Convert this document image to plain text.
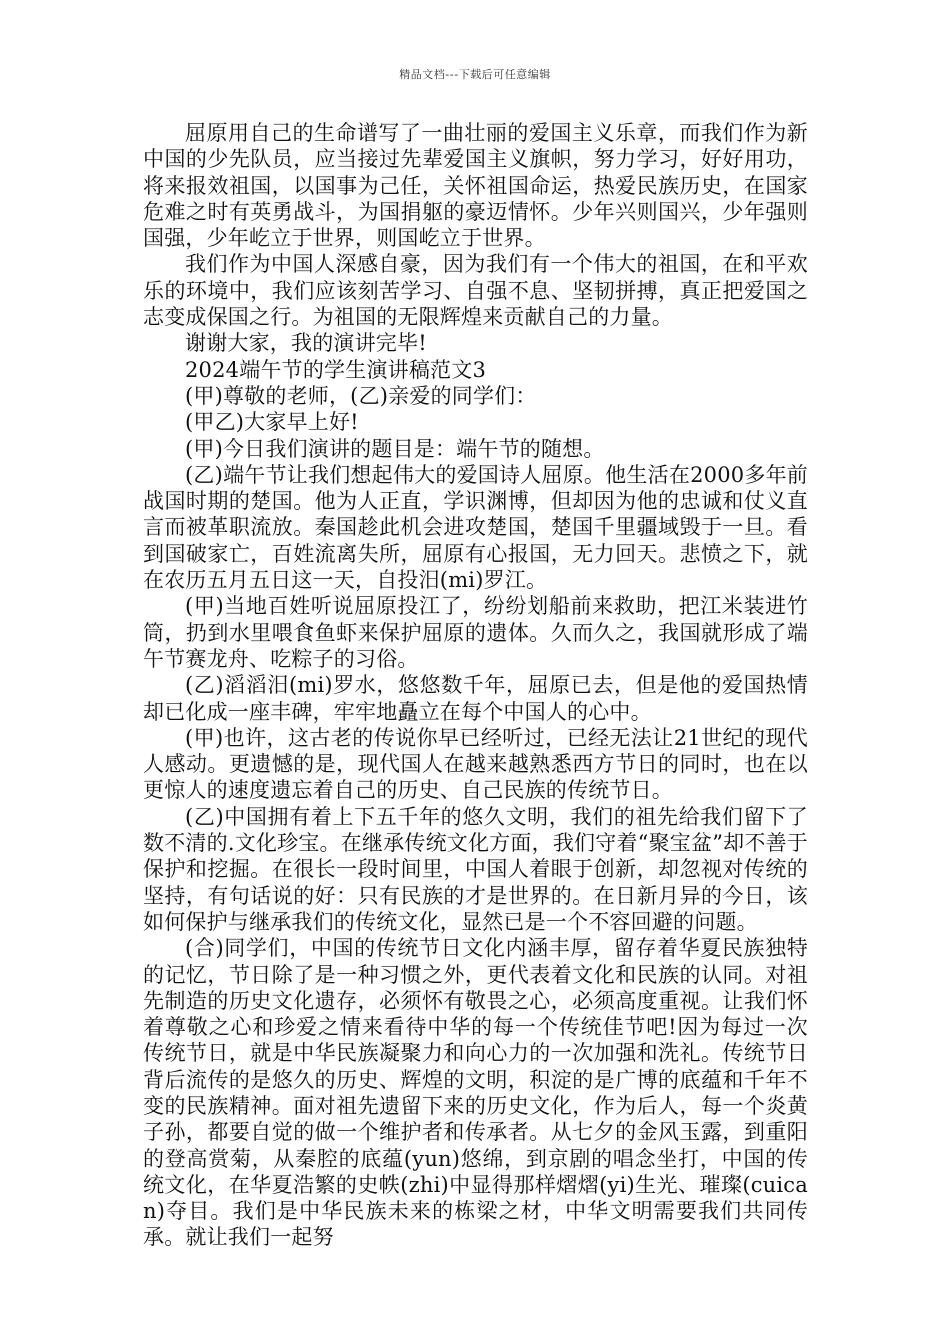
精品文档---下载后可任意编辑

屈原用自己的生命谱写了一曲壮丽的爱国主义乐章，而我们作为新中国的少先队员，应当接过先辈爱国主义旗帜，努力学习，好好用功，将来报效祖国，以国事为己任，关怀祖国命运，热爱民族历史，在国家危难之时有英勇战斗，为国捐躯的豪迈情怀。少年兴则国兴，少年强则国强，少年屹立于世界，则国屹立于世界。

我们作为中国人深感自豪，因为我们有一个伟大的祖国，在和平欢乐的环境中，我们应该刻苦学习、自强不息、坚韧拼搏，真正把爱国之志变成保国之行。为祖国的无限辉煌来贡献自己的力量。

谢谢大家，我的演讲完毕!

2024端午节的学生演讲稿范文3

(甲)尊敬的老师，(乙)亲爱的同学们：

(甲乙)大家早上好!

(甲)今日我们演讲的题目是：端午节的随想。

(乙)端午节让我们想起伟大的爱国诗人屈原。他生活在2000多年前战国时期的楚国。他为人正直，学识渊博，但却因为他的忠诚和仗义直言而被革职流放。秦国趁此机会进攻楚国，楚国千里疆域毁于一旦。看到国破家亡，百姓流离失所，屈原有心报国，无力回天。悲愤之下，就在农历五月五日这一天，自投汨(mi)罗江。

(甲)当地百姓听说屈原投江了，纷纷划船前来救助，把江米装进竹筒，扔到水里喂食鱼虾来保护屈原的遗体。久而久之，我国就形成了端午节赛龙舟、吃粽子的习俗。

(乙)滔滔汨(mi)罗水，悠悠数千年，屈原已去，但是他的爱国热情却已化成一座丰碑，牢牢地矗立在每个中国人的心中。

(甲)也许，这古老的传说你早已经听过，已经无法让21世纪的现代人感动。更遗憾的是，现代国人在越来越熟悉西方节日的同时，也在以更惊人的速度遗忘着自己的历史、自己民族的传统节日。

(乙)中国拥有着上下五千年的悠久文明，我们的祖先给我们留下了数不清的.文化珍宝。在继承传统文化方面，我们守着“聚宝盆”却不善于保护和挖掘。在很长一段时间里，中国人着眼于创新，却忽视对传统的坚持，有句话说的好：只有民族的才是世界的。在日新月异的今日，该如何保护与继承我们的传统文化，显然已是一个不容回避的问题。

(合)同学们，中国的传统节日文化内涵丰厚，留存着华夏民族独特的记忆，节日除了是一种习惯之外，更代表着文化和民族的认同。对祖先制造的历史文化遗存，必须怀有敬畏之心，必须高度重视。让我们怀着尊敬之心和珍爱之情来看待中华的每一个传统佳节吧!因为每过一次传统节日，就是中华民族凝聚力和向心力的一次加强和洗礼。传统节日背后流传的是悠久的历史、辉煌的文明，积淀的是广博的底蕴和千年不变的民族精神。面对祖先遗留下来的历史文化，作为后人，每一个炎黄子孙，都要自觉的做一个维护者和传承者。从七夕的金风玉露，到重阳的登高赏菊，从秦腔的底蕴(yun)悠绵，到京剧的唱念坐打，中国的传统文化，在华夏浩繁的史帙(zhi)中显得那样熠熠(yi)生光、璀璨(cuican)夺目。我们是中华民族未来的栋梁之材，中华文明需要我们共同传承。就让我们一起努
